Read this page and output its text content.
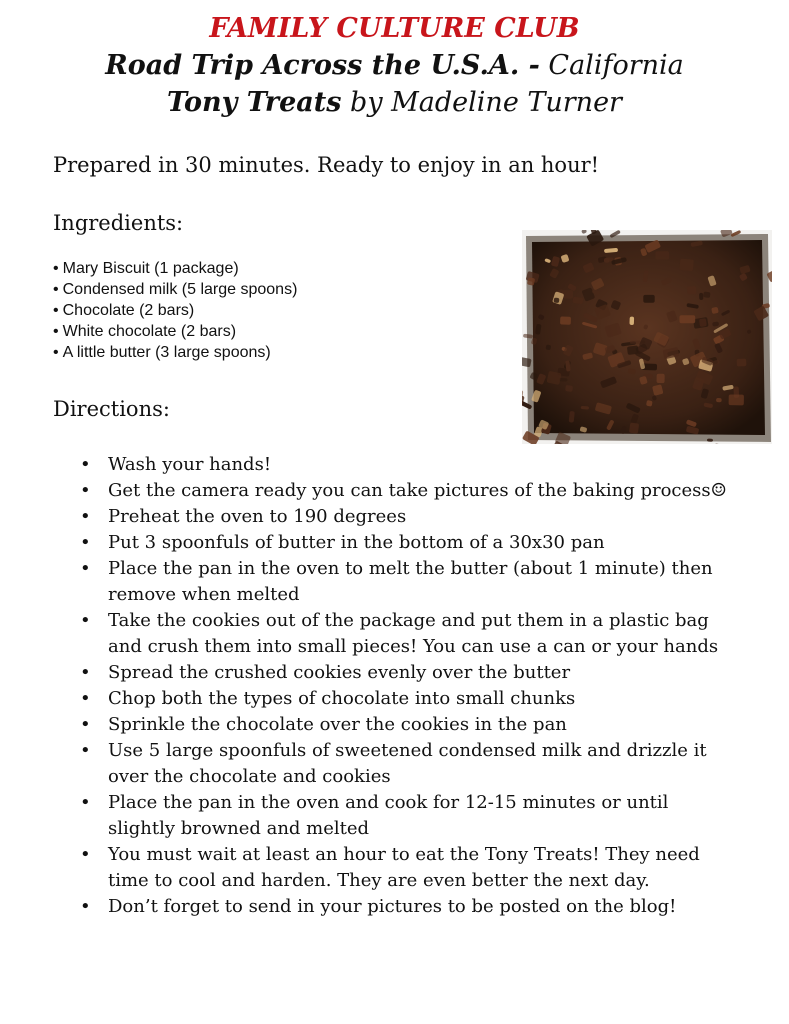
FAMILY CULTURE CLUB
Road Trip Across the U.S.A. - California
Tony Treats by Madeline Turner
Prepared in 30 minutes. Ready to enjoy in an hour!
Ingredients:
• Mary Biscuit (1 package)
• Condensed milk (5 large spoons)
• Chocolate (2 bars)
• White chocolate (2 bars)
• A little butter (3 large spoons)
Directions:
• Wash your hands!
• Get the camera ready you can take pictures of the baking process☺
• Preheat the oven to 190 degrees
• Put 3 spoonfuls of butter in the bottom of a 30x30 pan
• Place the pan in the oven to melt the butter (about 1 minute) then remove when melted
• Take the cookies out of the package and put them in a plastic bag and crush them into small pieces! You can use a can or your hands
• Spread the crushed cookies evenly over the butter
• Chop both the types of chocolate into small chunks
• Sprinkle the chocolate over the cookies in the pan
• Use 5 large spoonfuls of sweetened condensed milk and drizzle it over the chocolate and cookies
• Place the pan in the oven and cook for 12-15 minutes or until slightly browned and melted
• You must wait at least an hour to eat the Tony Treats! They need time to cool and harden. They are even better the next day.
• Don’t forget to send in your pictures to be posted on the blog!
